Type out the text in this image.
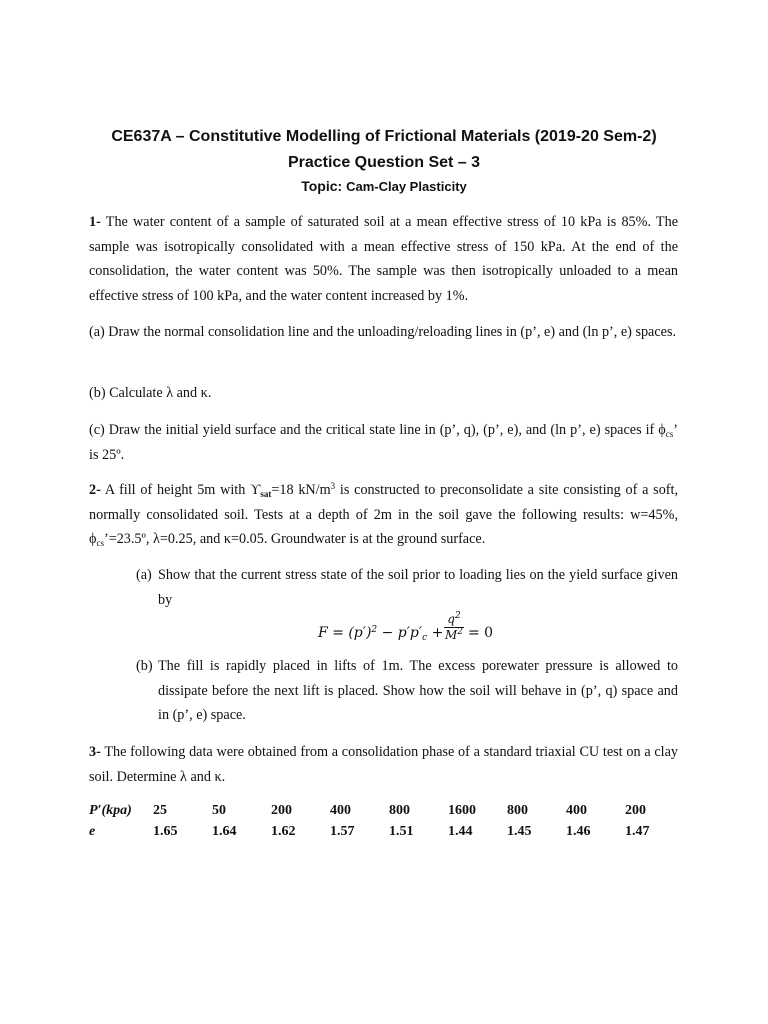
CE637A – Constitutive Modelling of Frictional Materials (2019-20 Sem-2)
Practice Question Set – 3
Topic: Cam-Clay Plasticity
1- The water content of a sample of saturated soil at a mean effective stress of 10 kPa is 85%. The sample was isotropically consolidated with a mean effective stress of 150 kPa. At the end of the consolidation, the water content was 50%. The sample was then isotropically unloaded to a mean effective stress of 100 kPa, and the water content increased by 1%.
(a) Draw the normal consolidation line and the unloading/reloading lines in (p’, e) and (ln p’, e) spaces.
(b) Calculate λ and κ.
(c) Draw the initial yield surface and the critical state line in (p’, q), (p’, e), and (ln p’, e) spaces if $\phi_{cs}$’ is 25º.
2- A fill of height 5m with $ϒ_{sat}=18$ $kN/m^3$ is constructed to preconsolidate a site consisting of a soft, normally consolidated soil. Tests at a depth of 2m in the soil gave the following results: w=45%, $\phi_{cs}’=23.5º$, λ=0.25, and κ=0.05. Groundwater is at the ground surface.
(a) Show that the current stress state of the soil prior to loading lies on the yield surface given by
$F = (p')^2 - p'p'_c + \frac{q^2}{M^2} = 0$
(b) The fill is rapidly placed in lifts of 1m. The excess porewater pressure is allowed to dissipate before the next lift is placed. Show how the soil will behave in (p’, q) space and in (p’, e) space.
3- The following data were obtained from a consolidation phase of a standard triaxial CU test on a clay soil. Determine λ and κ.
P′(kpa)	25	50	200	400	800	1600	800	400	200
e	1.65	1.64	1.62	1.57	1.51	1.44	1.45	1.46	1.47
